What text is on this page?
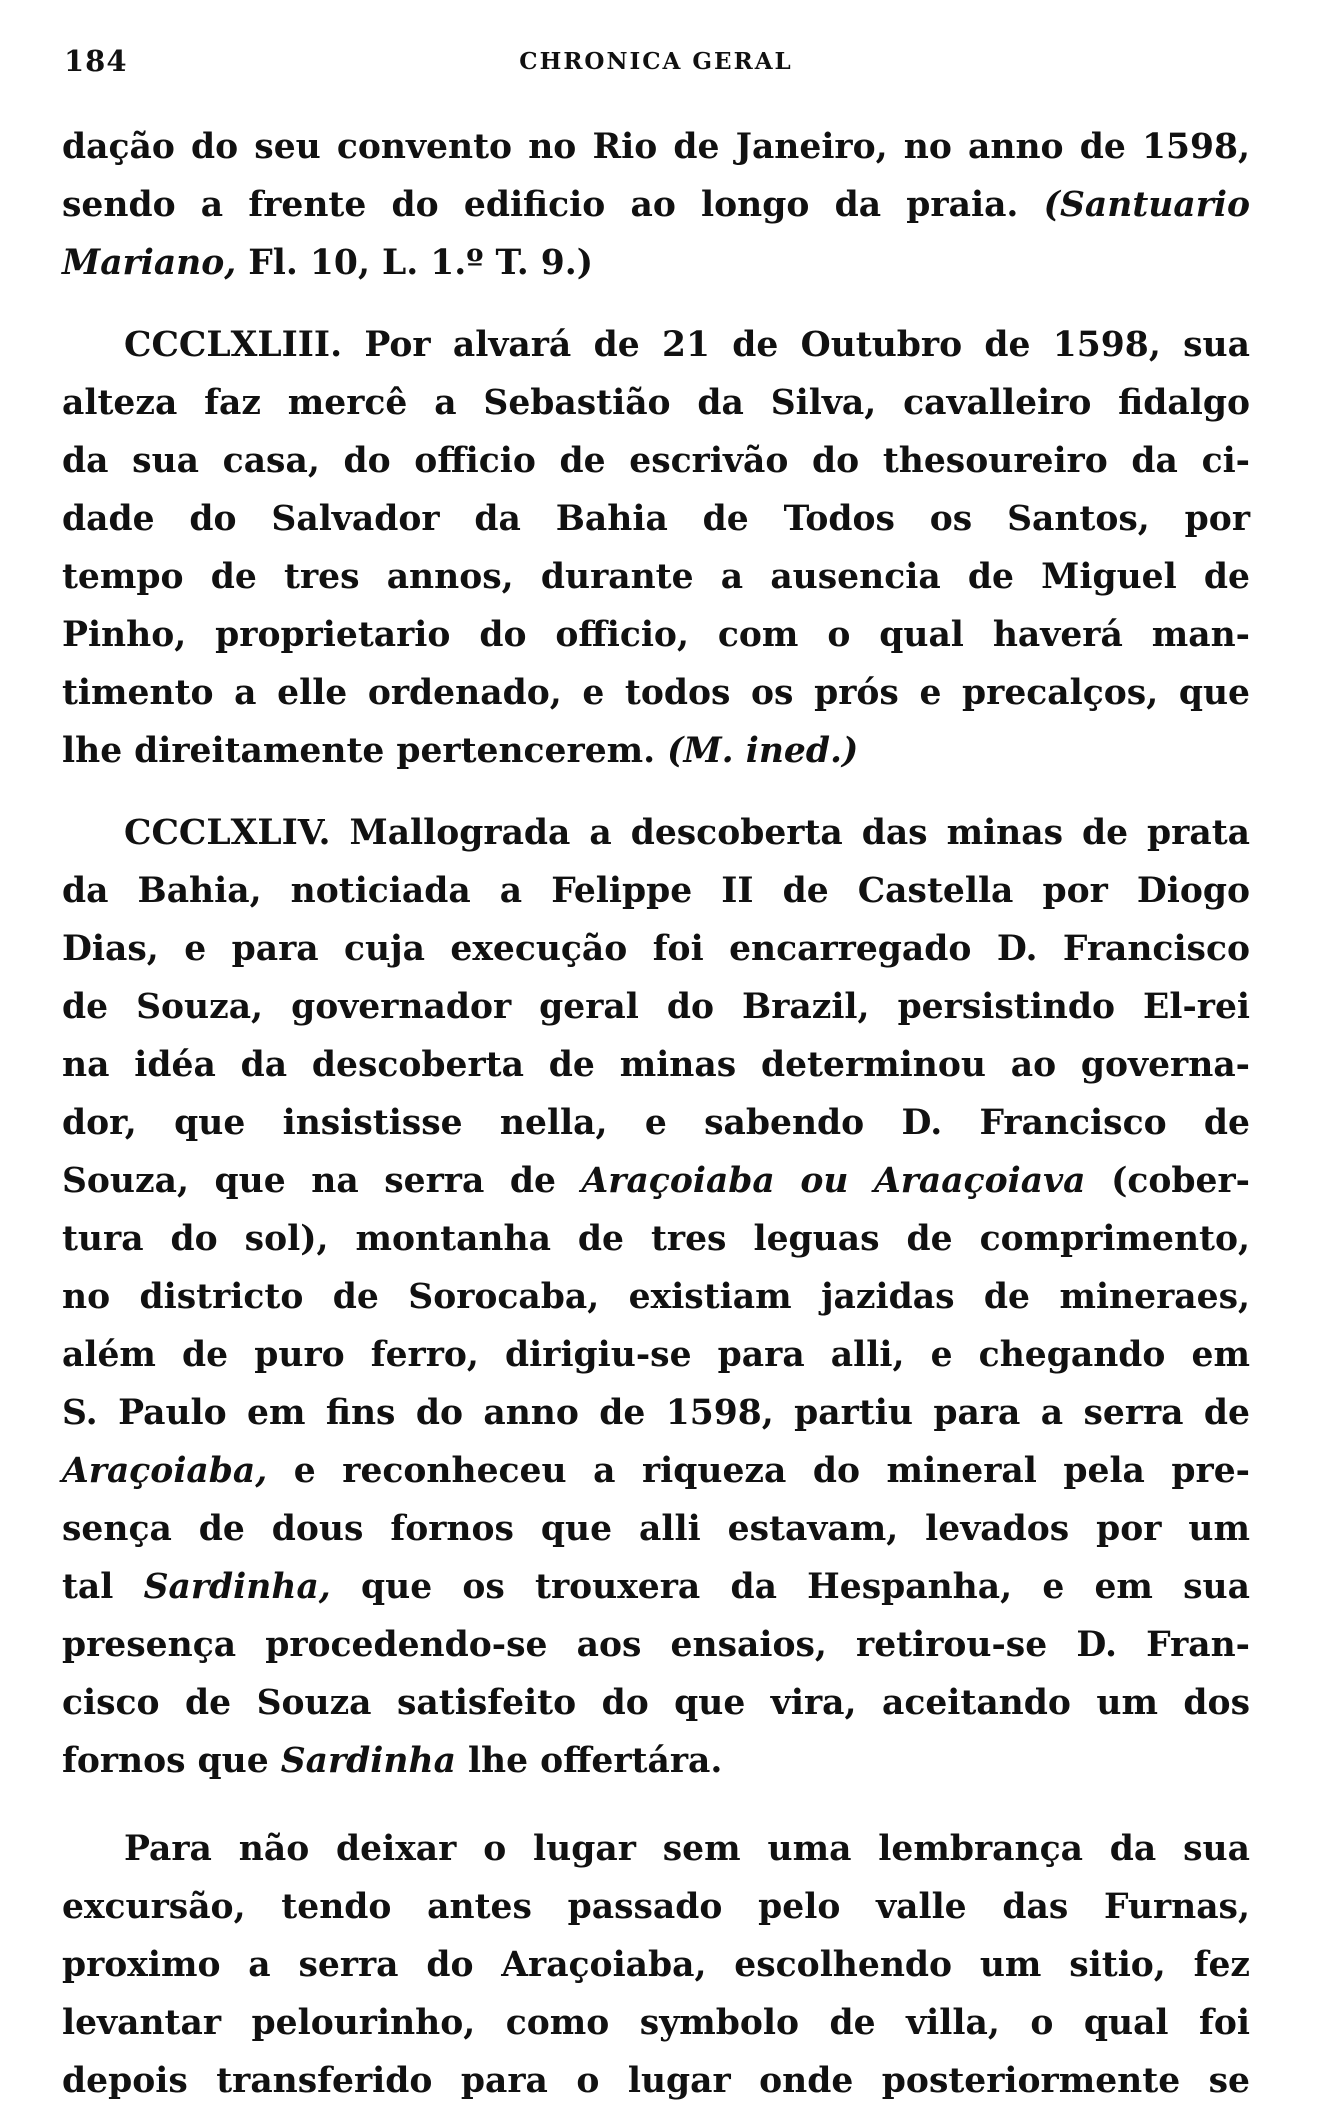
184	CHRONICA GERAL

dação do seu convento no Rio de Janeiro, no anno de 1598,
sendo a frente do edificio ao longo da praia. (Santuario
Mariano, Fl. 10, L. 1.º T. 9.)

CCCLXLIII. Por alvará de 21 de Outubro de 1598, sua
alteza faz mercê a Sebastião da Silva, cavalleiro fidalgo
da sua casa, do officio de escrivão do thesoureiro da ci-
dade do Salvador da Bahia de Todos os Santos, por
tempo de tres annos, durante a ausencia de Miguel de
Pinho, proprietario do officio, com o qual haverá man-
timento a elle ordenado, e todos os prós e precalços, que
lhe direitamente pertencerem. (M. ined.)

CCCLXLIV. Mallograda a descoberta das minas de prata
da Bahia, noticiada a Felippe II de Castella por Diogo
Dias, e para cuja execução foi encarregado D. Francisco
de Souza, governador geral do Brazil, persistindo El-rei
na idéa da descoberta de minas determinou ao governa-
dor, que insistisse nella, e sabendo D. Francisco de
Souza, que na serra de Araçoiaba ou Araaçoiava (cober-
tura do sol), montanha de tres leguas de comprimento,
no districto de Sorocaba, existiam jazidas de mineraes,
além de puro ferro, dirigiu-se para alli, e chegando em
S. Paulo em fins do anno de 1598, partiu para a serra de
Araçoiaba, e reconheceu a riqueza do mineral pela pre-
sença de dous fornos que alli estavam, levados por um
tal Sardinha, que os trouxera da Hespanha, e em sua
presença procedendo-se aos ensaios, retirou-se D. Fran-
cisco de Souza satisfeito do que vira, aceitando um dos
fornos que Sardinha lhe offertára.

Para não deixar o lugar sem uma lembrança da sua
excursão, tendo antes passado pelo valle das Furnas,
proximo a serra do Araçoiaba, escolhendo um sitio, fez
levantar pelourinho, como symbolo de villa, o qual foi
depois transferido para o lugar onde posteriormente se
